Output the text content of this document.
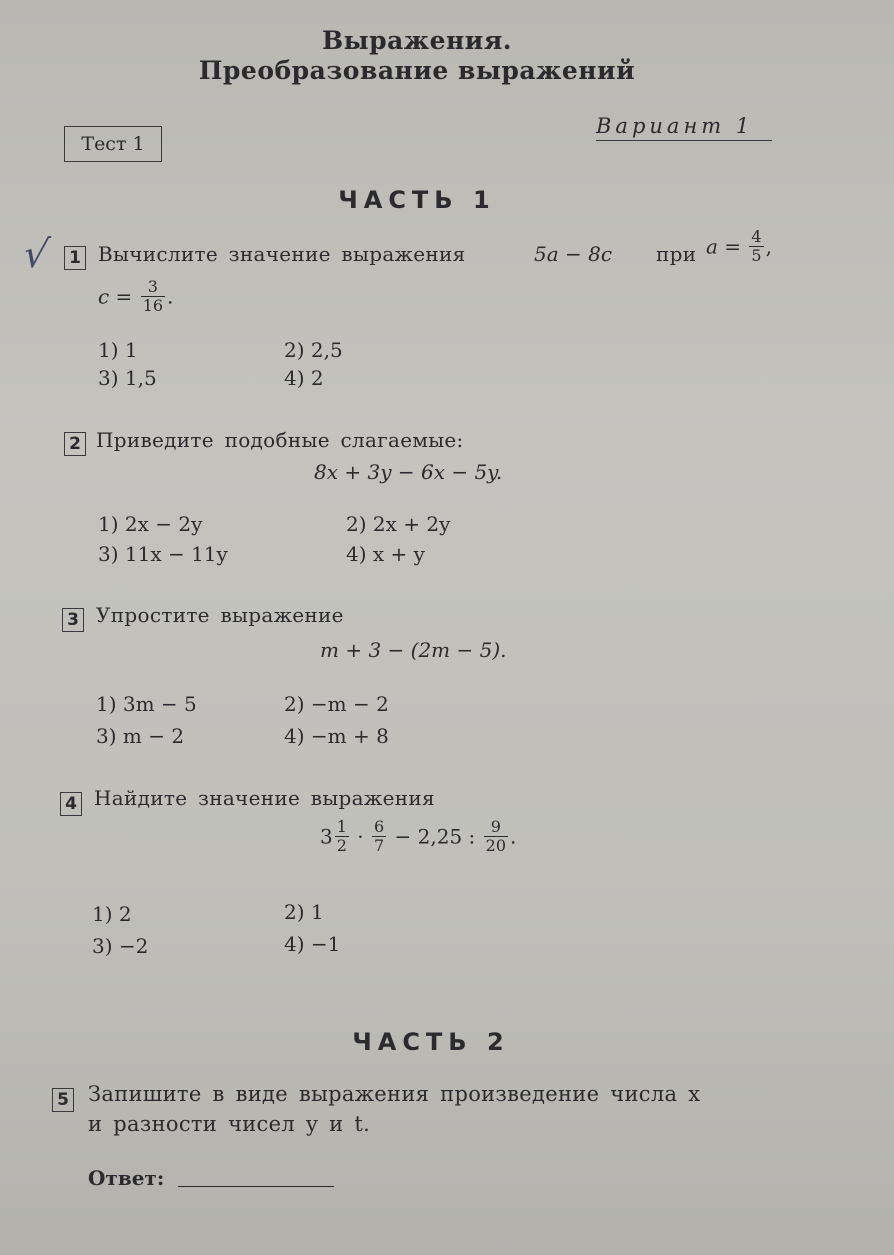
Выражения.
Преобразование выражений
Тест 1
Вариант 1
ЧАСТЬ 1
√ 1 Вычислите значение выражения	5a − 8c при $a = \frac{4}{5}$ ,
$c = \frac{3}{16}$ .
1) 1	2) 2,5
3) 1,5	4) 2
2 Приведите подобные слагаемые:
8x + 3y − 6x − 5y.
1) 2x − 2y	2) 2x + 2y
3) 11x − 11y	4) x + y
3 Упростите выражение
m + 3 − (2m − 5).
1) 3m − 5	2) −m − 2
3) m − 2	4) −m + 8
4 Найдите значение выражения
$3 \frac{1}{2} \cdot \frac{6}{7} - 2,25$ : $\frac{9}{20}$ .
1) 2	2) 1
3) −2	4) −1
ЧАСТЬ 2
5 Запишите в виде выражения произведение числа x
и разности чисел y и t.
Ответ:
